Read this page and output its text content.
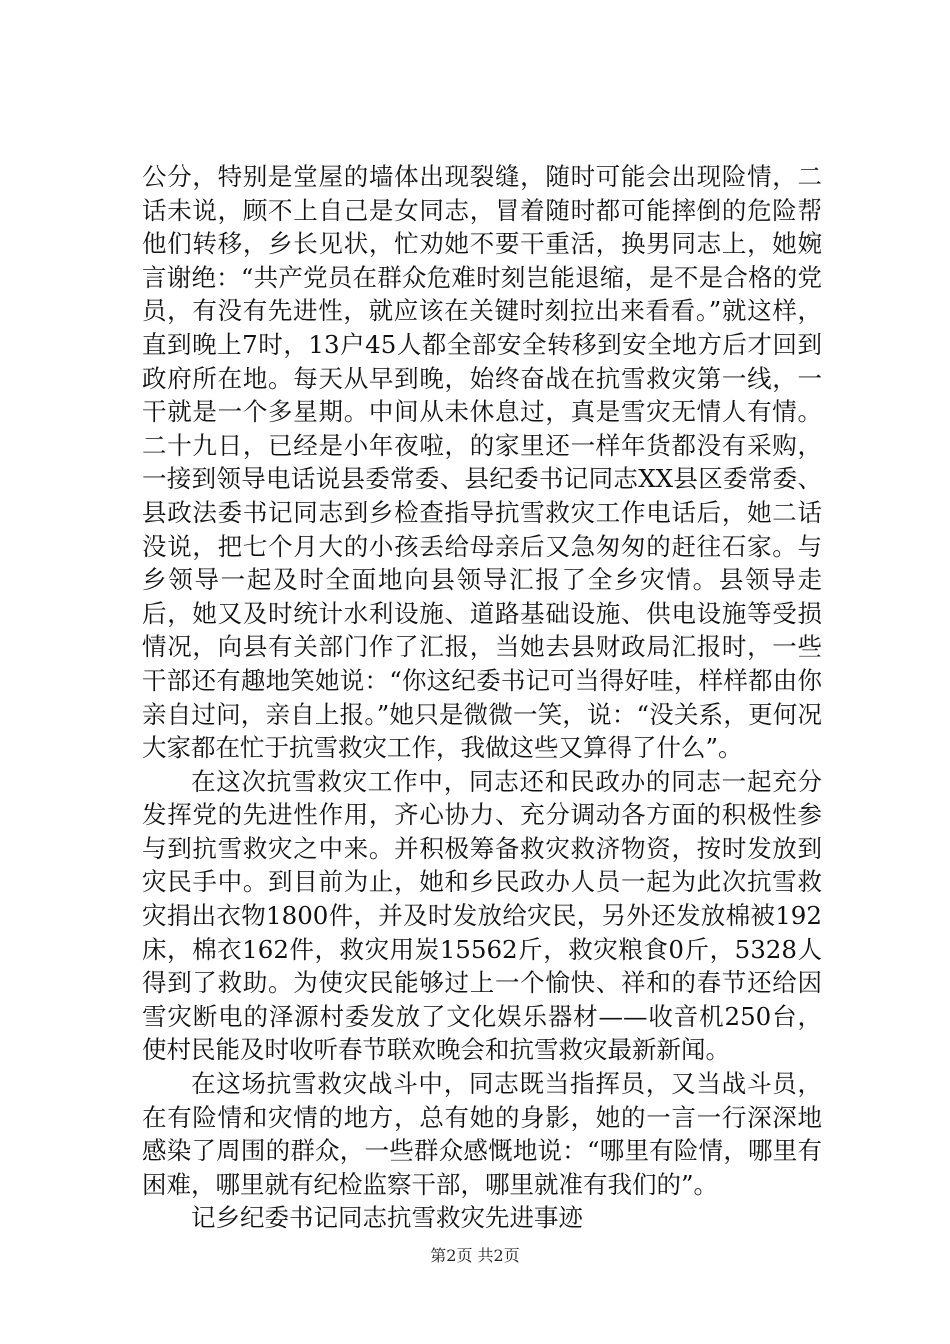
公分，特别是堂屋的墙体出现裂缝，随时可能会出现险情，二话未说，顾不上自己是女同志，冒着随时都可能摔倒的危险帮他们转移，乡长见状，忙劝她不要干重活，换男同志上，她婉言谢绝：“共产党员在群众危难时刻岂能退缩，是不是合格的党员，有没有先进性，就应该在关键时刻拉出来看看。”就这样，直到晚上7时，13户45人都全部安全转移到安全地方后才回到政府所在地。每天从早到晚，始终奋战在抗雪救灾第一线，一干就是一个多星期。中间从未休息过，真是雪灾无情人有情。二十九日，已经是小年夜啦，的家里还一样年货都没有采购，一接到领导电话说县委常委、县纪委书记同志XX县区委常委、县政法委书记同志到乡检查指导抗雪救灾工作电话后，她二话没说，把七个月大的小孩丢给母亲后又急匆匆的赶往石家。与乡领导一起及时全面地向县领导汇报了全乡灾情。县领导走后，她又及时统计水利设施、道路基础设施、供电设施等受损情况，向县有关部门作了汇报，当她去县财政局汇报时，一些干部还有趣地笑她说：“你这纪委书记可当得好哇，样样都由你亲自过问，亲自上报。”她只是微微一笑，说：“没关系，更何况大家都在忙于抗雪救灾工作，我做这些又算得了什么”。

在这次抗雪救灾工作中，同志还和民政办的同志一起充分发挥党的先进性作用，齐心协力、充分调动各方面的积极性参与到抗雪救灾之中来。并积极筹备救灾救济物资，按时发放到灾民手中。到目前为止，她和乡民政办人员一起为此次抗雪救灾捐出衣物1800件，并及时发放给灾民，另外还发放棉被192床，棉衣162件，救灾用炭15562斤，救灾粮食0斤，5328人得到了救助。为使灾民能够过上一个愉快、祥和的春节还给因雪灾断电的泽源村委发放了文化娱乐器材——收音机250台，使村民能及时收听春节联欢晚会和抗雪救灾最新新闻。

在这场抗雪救灾战斗中，同志既当指挥员，又当战斗员，在有险情和灾情的地方，总有她的身影，她的一言一行深深地感染了周围的群众，一些群众感慨地说：“哪里有险情，哪里有困难，哪里就有纪检监察干部，哪里就准有我们的”。

记乡纪委书记同志抗雪救灾先进事迹

第2页 共2页
